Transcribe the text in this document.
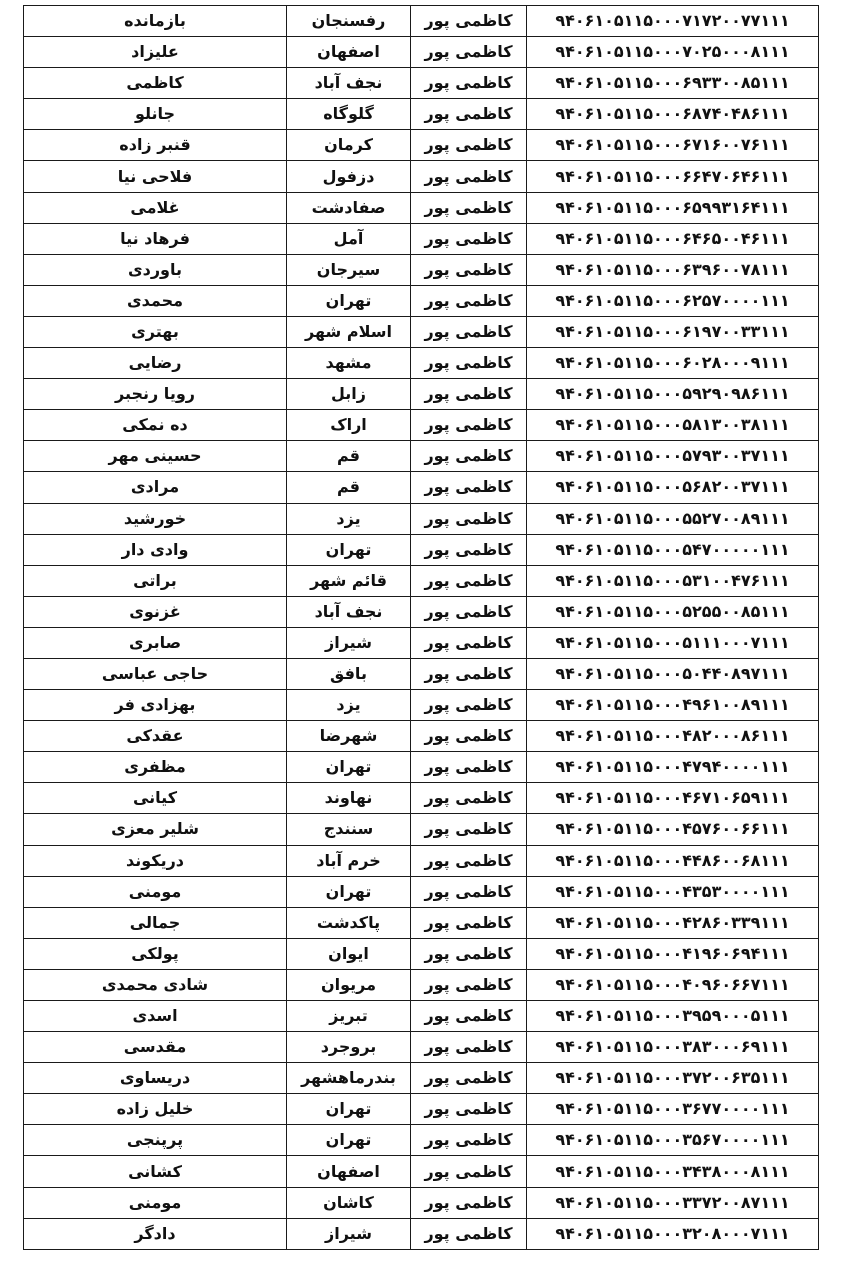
۹۴۰۶۱۰۵۱۱۵۰۰۰۷۱۷۲۰۰۷۷۱۱۱	کاظمی پور	رفسنجان	بازمانده
۹۴۰۶۱۰۵۱۱۵۰۰۰۷۰۲۵۰۰۰۸۱۱۱	کاظمی پور	اصفهان	علیزاد
۹۴۰۶۱۰۵۱۱۵۰۰۰۶۹۳۳۰۰۸۵۱۱۱	کاظمی پور	نجف آباد	کاظمی
۹۴۰۶۱۰۵۱۱۵۰۰۰۶۸۷۴۰۴۸۶۱۱۱	کاظمی پور	گلوگاه	جانلو
۹۴۰۶۱۰۵۱۱۵۰۰۰۶۷۱۶۰۰۷۶۱۱۱	کاظمی پور	کرمان	قنبر زاده
۹۴۰۶۱۰۵۱۱۵۰۰۰۶۶۴۷۰۶۴۶۱۱۱	کاظمی پور	دزفول	فلاحی نیا
۹۴۰۶۱۰۵۱۱۵۰۰۰۶۵۹۹۳۱۶۴۱۱۱	کاظمی پور	صفادشت	غلامی
۹۴۰۶۱۰۵۱۱۵۰۰۰۶۴۶۵۰۰۴۶۱۱۱	کاظمی پور	آمل	فرهاد نیا
۹۴۰۶۱۰۵۱۱۵۰۰۰۶۳۹۶۰۰۷۸۱۱۱	کاظمی پور	سیرجان	باوردی
۹۴۰۶۱۰۵۱۱۵۰۰۰۶۲۵۷۰۰۰۰۱۱۱	کاظمی پور	تهران	محمدی
۹۴۰۶۱۰۵۱۱۵۰۰۰۶۱۹۷۰۰۳۳۱۱۱	کاظمی پور	اسلام شهر	بهتری
۹۴۰۶۱۰۵۱۱۵۰۰۰۶۰۲۸۰۰۰۹۱۱۱	کاظمی پور	مشهد	رضایی
۹۴۰۶۱۰۵۱۱۵۰۰۰۵۹۲۹۰۹۸۶۱۱۱	کاظمی پور	زابل	رویا رنجبر
۹۴۰۶۱۰۵۱۱۵۰۰۰۵۸۱۳۰۰۳۸۱۱۱	کاظمی پور	اراک	ده نمکی
۹۴۰۶۱۰۵۱۱۵۰۰۰۵۷۹۳۰۰۳۷۱۱۱	کاظمی پور	قم	حسینی مهر
۹۴۰۶۱۰۵۱۱۵۰۰۰۵۶۸۲۰۰۳۷۱۱۱	کاظمی پور	قم	مرادی
۹۴۰۶۱۰۵۱۱۵۰۰۰۵۵۲۷۰۰۸۹۱۱۱	کاظمی پور	یزد	خورشید
۹۴۰۶۱۰۵۱۱۵۰۰۰۵۴۷۰۰۰۰۰۱۱۱	کاظمی پور	تهران	وادی دار
۹۴۰۶۱۰۵۱۱۵۰۰۰۵۳۱۰۰۴۷۶۱۱۱	کاظمی پور	قائم شهر	براتی
۹۴۰۶۱۰۵۱۱۵۰۰۰۵۲۵۵۰۰۸۵۱۱۱	کاظمی پور	نجف آباد	غزنوی
۹۴۰۶۱۰۵۱۱۵۰۰۰۵۱۱۱۰۰۰۷۱۱۱	کاظمی پور	شیراز	صابری
۹۴۰۶۱۰۵۱۱۵۰۰۰۵۰۴۴۰۸۹۷۱۱۱	کاظمی پور	بافق	حاجی عباسی
۹۴۰۶۱۰۵۱۱۵۰۰۰۴۹۶۱۰۰۸۹۱۱۱	کاظمی پور	یزد	بهزادی فر
۹۴۰۶۱۰۵۱۱۵۰۰۰۴۸۲۰۰۰۸۶۱۱۱	کاظمی پور	شهرضا	عقدکی
۹۴۰۶۱۰۵۱۱۵۰۰۰۴۷۹۴۰۰۰۰۱۱۱	کاظمی پور	تهران	مظفری
۹۴۰۶۱۰۵۱۱۵۰۰۰۴۶۷۱۰۶۵۹۱۱۱	کاظمی پور	نهاوند	کیانی
۹۴۰۶۱۰۵۱۱۵۰۰۰۴۵۷۶۰۰۶۶۱۱۱	کاظمی پور	سنندج	شلیر معزی
۹۴۰۶۱۰۵۱۱۵۰۰۰۴۴۸۶۰۰۶۸۱۱۱	کاظمی پور	خرم آباد	دریکوند
۹۴۰۶۱۰۵۱۱۵۰۰۰۴۳۵۳۰۰۰۰۱۱۱	کاظمی پور	تهران	مومنی
۹۴۰۶۱۰۵۱۱۵۰۰۰۴۲۸۶۰۳۳۹۱۱۱	کاظمی پور	پاکدشت	جمالی
۹۴۰۶۱۰۵۱۱۵۰۰۰۴۱۹۶۰۶۹۴۱۱۱	کاظمی پور	ایوان	پولکی
۹۴۰۶۱۰۵۱۱۵۰۰۰۴۰۹۶۰۶۶۷۱۱۱	کاظمی پور	مریوان	شادی محمدی
۹۴۰۶۱۰۵۱۱۵۰۰۰۳۹۵۹۰۰۰۵۱۱۱	کاظمی پور	تبریز	اسدی
۹۴۰۶۱۰۵۱۱۵۰۰۰۳۸۳۰۰۰۶۹۱۱۱	کاظمی پور	بروجرد	مقدسی
۹۴۰۶۱۰۵۱۱۵۰۰۰۳۷۲۰۰۶۳۵۱۱۱	کاظمی پور	بندرماهشهر	دریساوی
۹۴۰۶۱۰۵۱۱۵۰۰۰۳۶۷۷۰۰۰۰۱۱۱	کاظمی پور	تهران	خلیل زاده
۹۴۰۶۱۰۵۱۱۵۰۰۰۳۵۶۷۰۰۰۰۱۱۱	کاظمی پور	تهران	پرپنجی
۹۴۰۶۱۰۵۱۱۵۰۰۰۳۴۳۸۰۰۰۸۱۱۱	کاظمی پور	اصفهان	کشانی
۹۴۰۶۱۰۵۱۱۵۰۰۰۳۳۷۲۰۰۸۷۱۱۱	کاظمی پور	کاشان	مومنی
۹۴۰۶۱۰۵۱۱۵۰۰۰۳۲۰۸۰۰۰۷۱۱۱	کاظمی پور	شیراز	دادگر
